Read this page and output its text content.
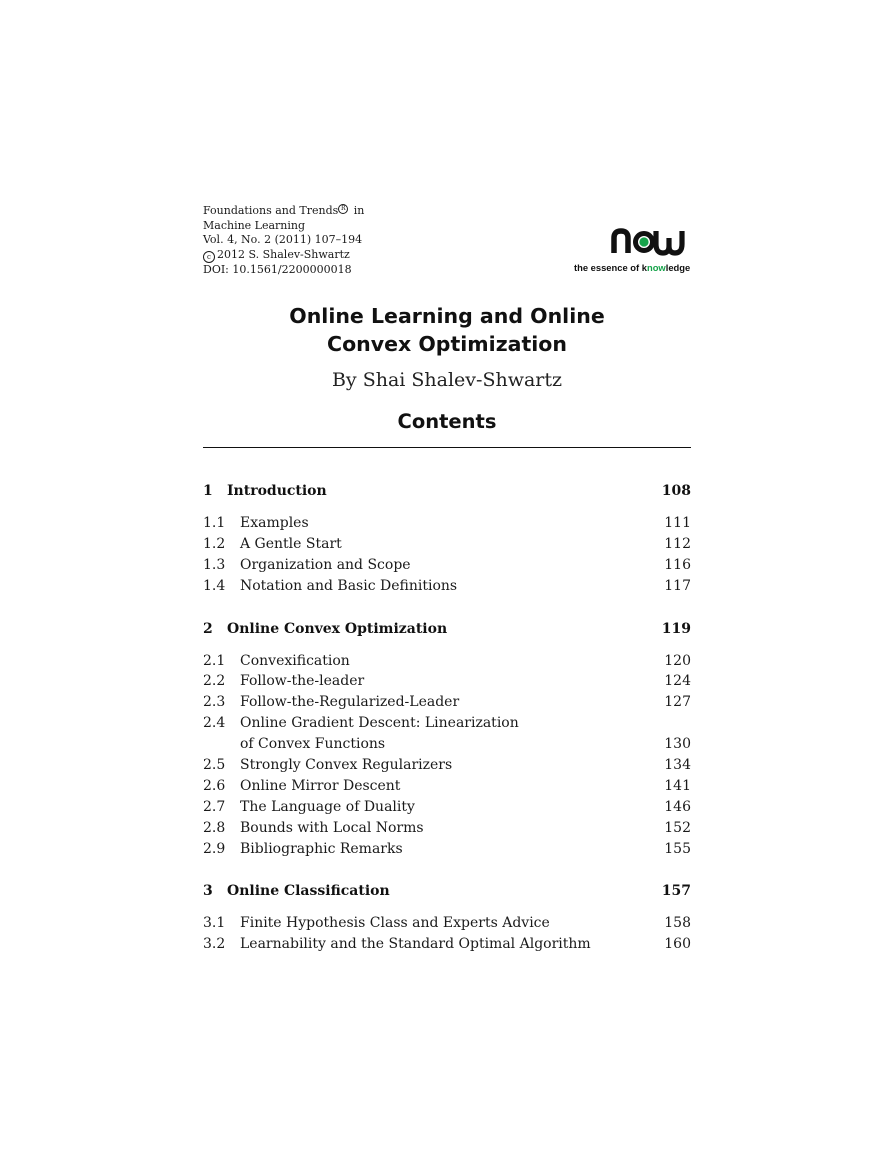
Foundations and Trends $^R$ in
Machine Learning
Vol. 4, No. 2 (2011) 107–194
c 2012 S. Shalev-Shwartz
DOI: 10.1561/2200000018	the essence of knowledge
Online Learning and Online
Convex Optimization
By Shai Shalev-Shwartz
Contents
1	Introduction	108
1.1	Examples	111
1.2	A Gentle Start	112
1.3	Organization and Scope	116
1.4	Notation and Basic Definitions	117
2	Online Convex Optimization	119
2.1	Convexification	120
2.2	Follow-the-leader	124
2.3	Follow-the-Regularized-Leader	127
2.4	Online Gradient Descent: Linearization
of Convex Functions	130
2.5	Strongly Convex Regularizers	134
2.6	Online Mirror Descent	141
2.7	The Language of Duality	146
2.8	Bounds with Local Norms	152
2.9	Bibliographic Remarks	155
3	Online Classification	157
3.1	Finite Hypothesis Class and Experts Advice	158
3.2	Learnability and the Standard Optimal Algorithm	160
